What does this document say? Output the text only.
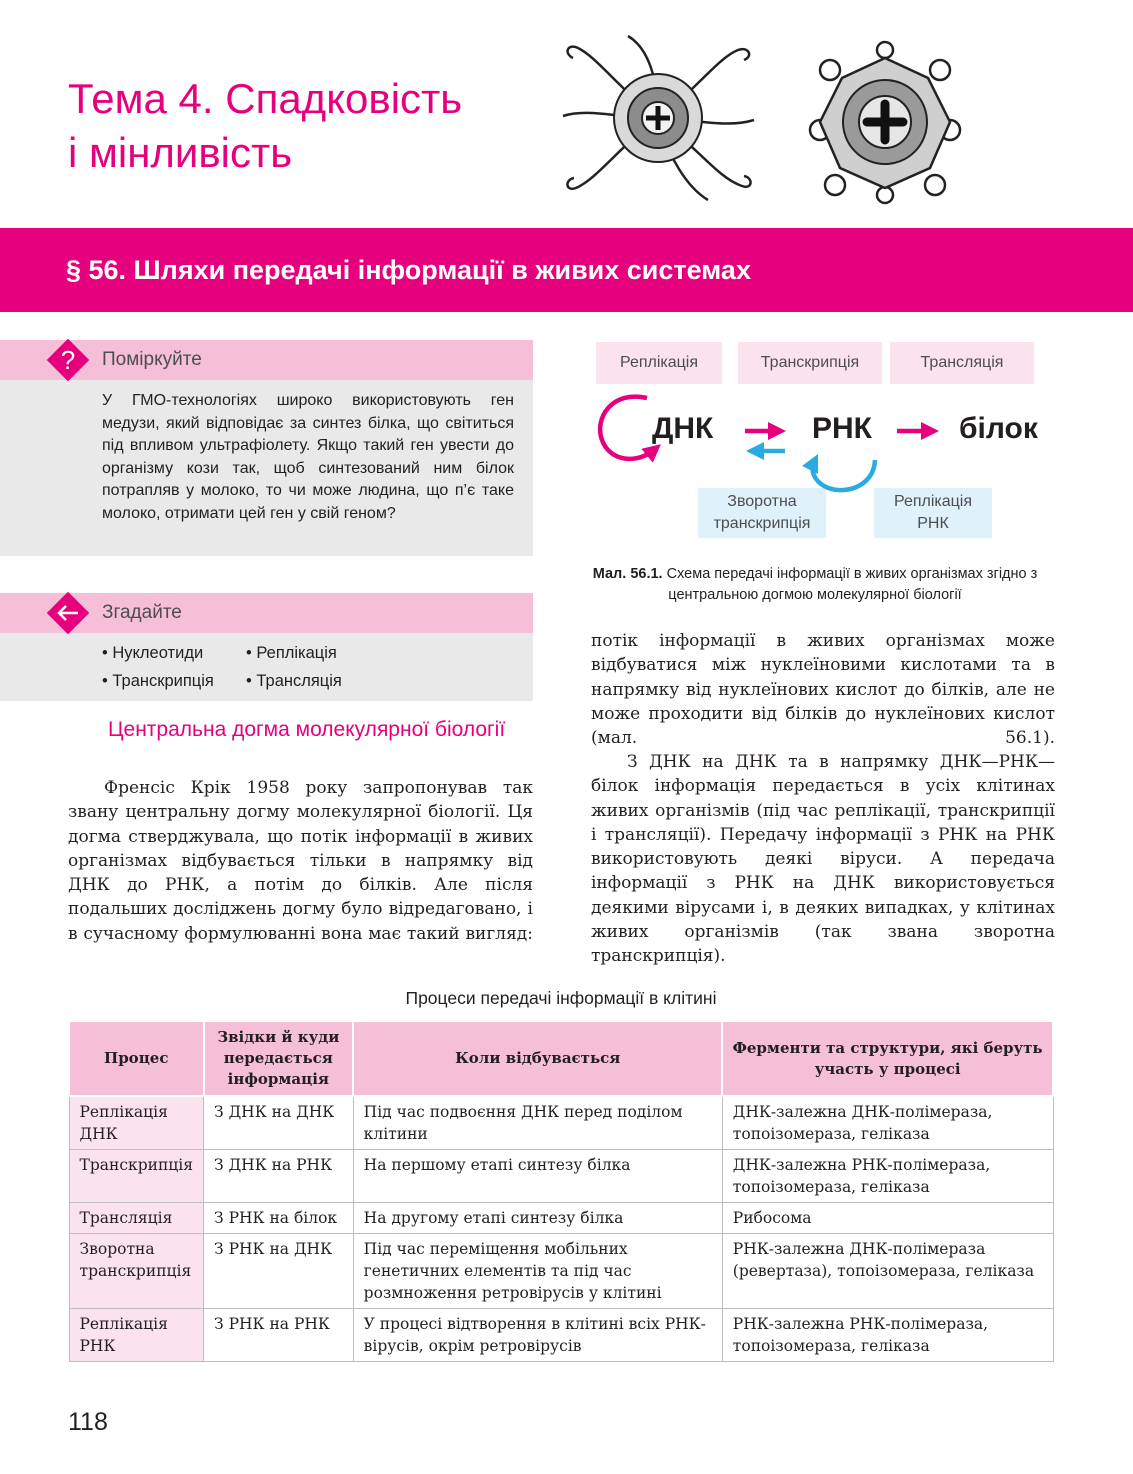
Тема 4. Спадковість
і мінливість
§ 56. Шляхи передачі інформації в живих системах
Поміркуйте
?
У ГМО-технологіях широко використовують ген медузи, який відповідає за синтез білка, що світиться під впливом ультрафіолету. Якщо такий ген увести до організму кози так, щоб синтезований ним білок потрапляв у молоко, то чи може людина, що п’є таке молоко, отримати цей ген у свій геном?
Згадайте
• Нуклеотиди	• Реплікація
• Транскрипція	• Трансляція
Центральна догма молекулярної біології

Френсіс Крік 1958 року запропонував так звану центральну догму молекулярної біології. Ця догма стверджувала, що потік інформації в живих організмах відбувається тільки в напрямку від ДНК до РНК, а потім до білків. Але після подальших досліджень догму було відредаговано, і в сучасному формулюванні вона має такий вигляд:

Реплікація	Транскрипція	Трансляція
Зворотна
транскрипція
Реплікація
РНК
ДНК	РНК	білок
Мал. 56.1. Схема передачі інформації в живих організмах згідно з центральною догмою молекулярної біології

потік інформації в живих організмах може відбуватися між нуклеїновими кислотами та в напрямку від нуклеїнових кислот до білків, але не може проходити від білків до нуклеїнових кислот (мал. 56.1).

З ДНК на ДНК та в напрямку ДНК—РНК—білок інформація передається в усіх клітинах живих організмів (під час реплікації, транскрипції і трансляції). Передачу інформації з РНК на РНК використовують деякі віруси. А передача інформації з РНК на ДНК використовується деякими вірусами і, в деяких випадках, у клітинах живих організмів (так звана зворотна транскрипція).

Процеси передачі інформації в клітині
Процес	Звідки й куди передається інформація	Коли відбувається	Ферменти та структури, які беруть участь у процесі
Реплікація ДНК	З ДНК на ДНК	Під час подвоєння ДНК перед поділом клітини	ДНК-залежна ДНК-полімераза, топоізомераза, геліказа
Транскрипція	З ДНК на РНК	На першому етапі синтезу білка	ДНК-залежна РНК-полімераза, топоізомераза, геліказа
Трансляція	З РНК на білок	На другому етапі синтезу білка	Рибосома
Зворотна транскрипція	З РНК на ДНК	Під час переміщення мобільних генетичних елементів та під час розмноження ретровірусів у клітині	РНК-залежна ДНК-полімераза (ревертаза), топоізомераза, геліказа
Реплікація РНК	З РНК на РНК	У процесі відтворення в клітині всіх РНК-вірусів, окрім ретровірусів	РНК-залежна РНК-полімераза, топоізомераза, геліказа
118
